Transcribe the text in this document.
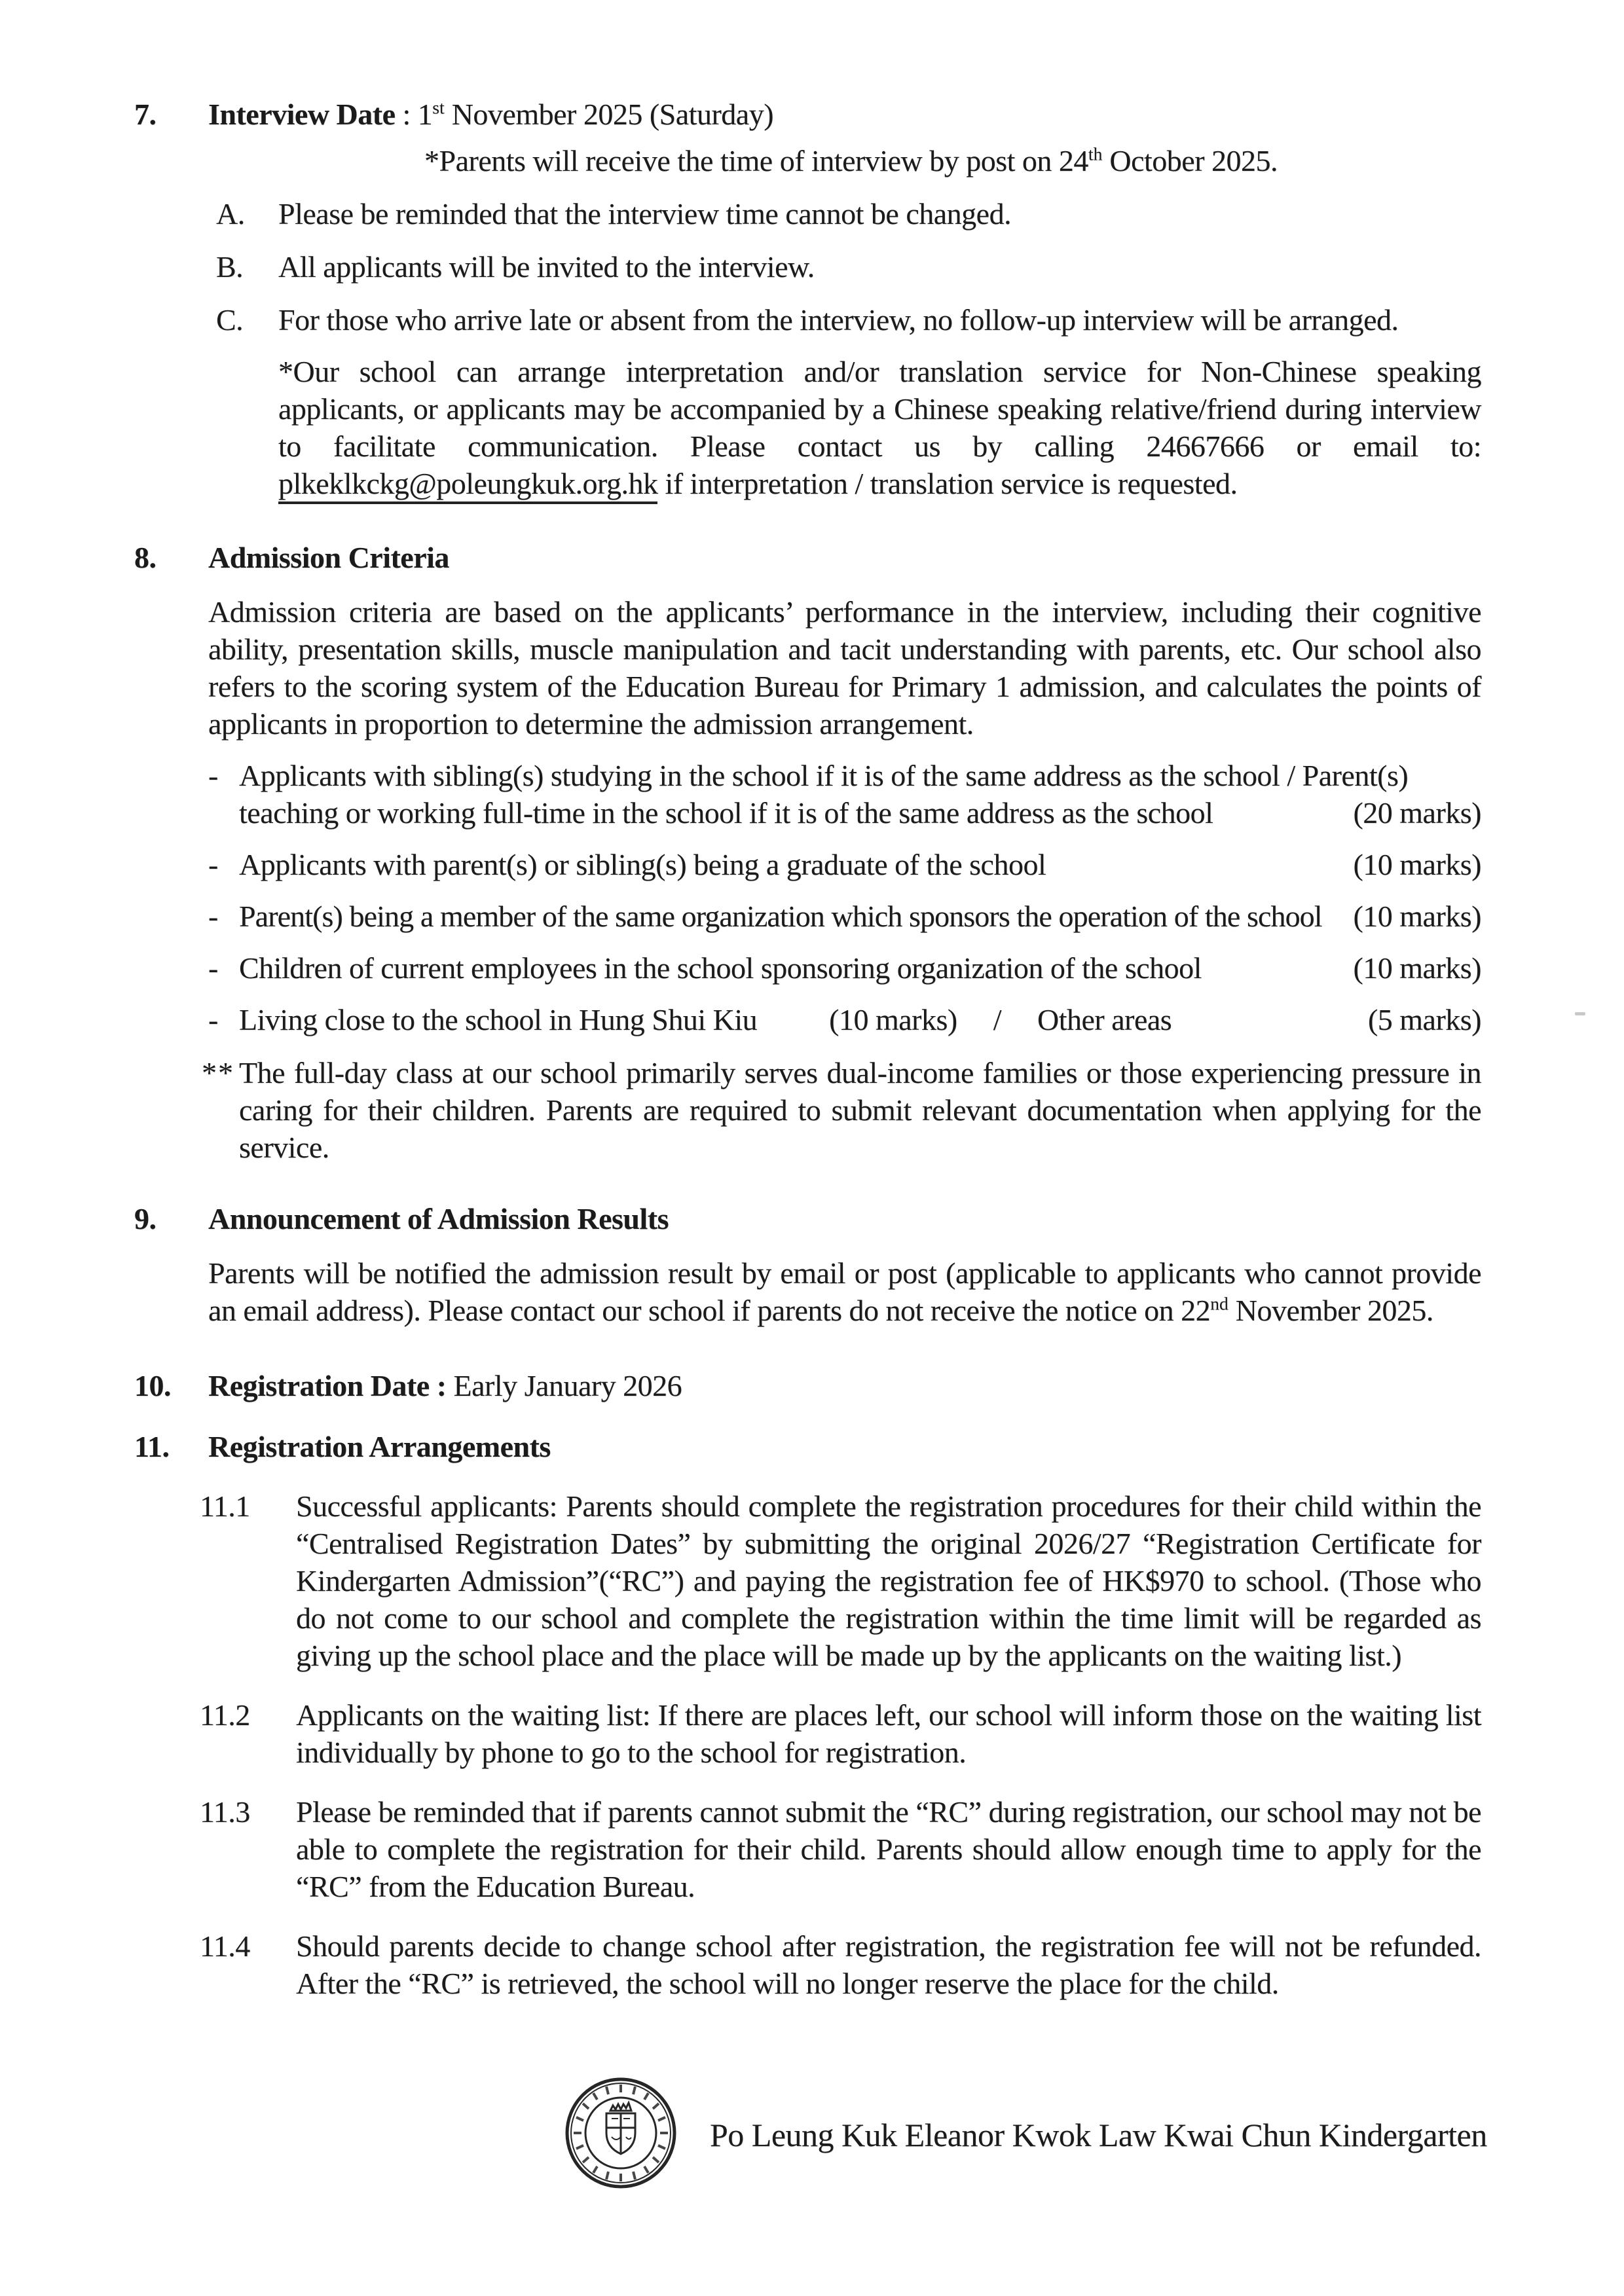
7.	Interview Date : 1st November 2025 (Saturday)
*Parents will receive the time of interview by post on 24th October 2025.
A.	Please be reminded that the interview time cannot be changed.
B.	All applicants will be invited to the interview.
C.	For those who arrive late or absent from the interview, no follow-up interview will be arranged.
*Our school can arrange interpretation and/or translation service for Non-Chinese speaking applicants, or applicants may be accompanied by a Chinese speaking relative/friend during interview to facilitate communication. Please contact us by calling 24667666 or email to: plkeklkckg@poleungkuk.org.hk if interpretation / translation service is requested.
8.	Admission Criteria
Admission criteria are based on the applicants’ performance in the interview, including their cognitive ability, presentation skills, muscle manipulation and tacit understanding with parents, etc. Our school also refers to the scoring system of the Education Bureau for Primary 1 admission, and calculates the points of applicants in proportion to determine the admission arrangement.
- Applicants with sibling(s) studying in the school if it is of the same address as the school / Parent(s)
teaching or working full-time in the school if it is of the same address as the school	(20 marks)
- Applicants with parent(s) or sibling(s) being a graduate of the school	(10 marks)
- Parent(s) being a member of the same organization which sponsors the operation of the school	(10 marks)
- Children of current employees in the school sponsoring organization of the school	(10 marks)
- Living close to the school in Hung Shui Kiu (10 marks) / Other areas	(5 marks)
** The full-day class at our school primarily serves dual-income families or those experiencing pressure in caring for their children. Parents are required to submit relevant documentation when applying for the service.
9.	Announcement of Admission Results
Parents will be notified the admission result by email or post (applicable to applicants who cannot provide an email address). Please contact our school if parents do not receive the notice on 22nd November 2025.
10.	Registration Date : Early January 2026
11.	Registration Arrangements
11.1	Successful applicants: Parents should complete the registration procedures for their child within the “Centralised Registration Dates” by submitting the original 2026/27 “Registration Certificate for Kindergarten Admission”(“RC”) and paying the registration fee of HK$970 to school. (Those who do not come to our school and complete the registration within the time limit will be regarded as giving up the school place and the place will be made up by the applicants on the waiting list.)
11.2	Applicants on the waiting list: If there are places left, our school will inform those on the waiting list individually by phone to go to the school for registration.
11.3	Please be reminded that if parents cannot submit the “RC” during registration, our school may not be able to complete the registration for their child. Parents should allow enough time to apply for the “RC” from the Education Bureau.
11.4	Should parents decide to change school after registration, the registration fee will not be refunded. After the “RC” is retrieved, the school will no longer reserve the place for the child.
Po Leung Kuk Eleanor Kwok Law Kwai Chun Kindergarten
